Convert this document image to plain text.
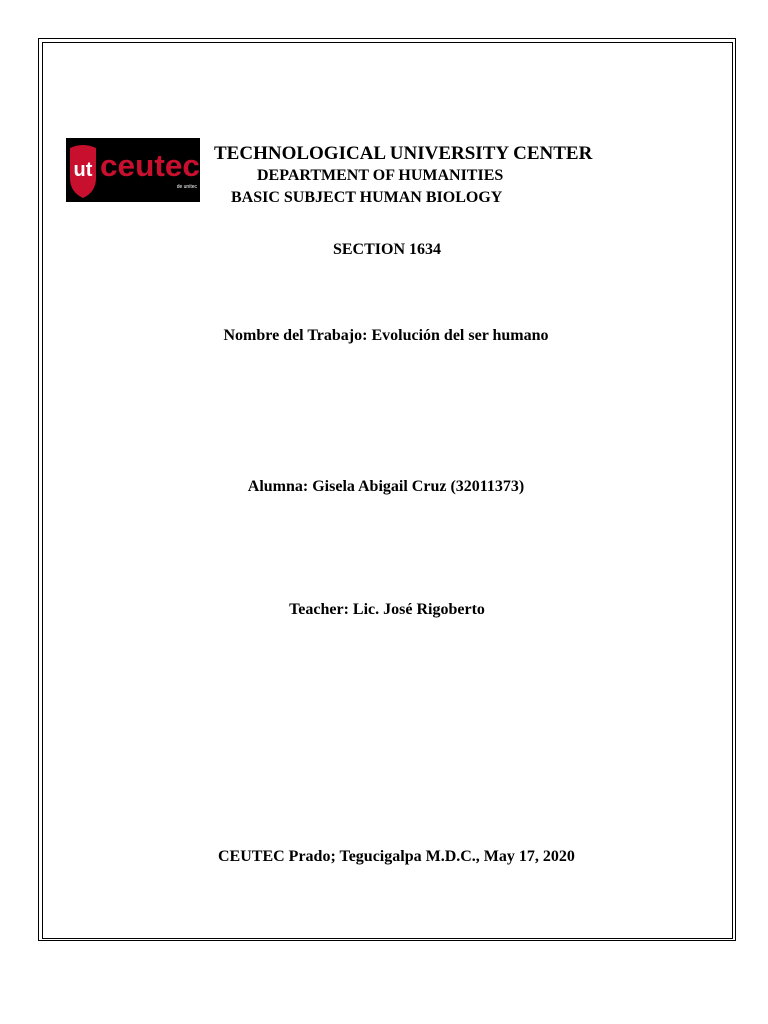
ut ceutec
de unitec
TECHNOLOGICAL UNIVERSITY CENTER
DEPARTMENT OF HUMANITIES
BASIC SUBJECT HUMAN BIOLOGY
SECTION 1634
Nombre del Trabajo: Evolución del ser humano
Alumna: Gisela Abigail Cruz (32011373)
Teacher: Lic. José Rigoberto
CEUTEC Prado; Tegucigalpa M.D.C., May 17, 2020
